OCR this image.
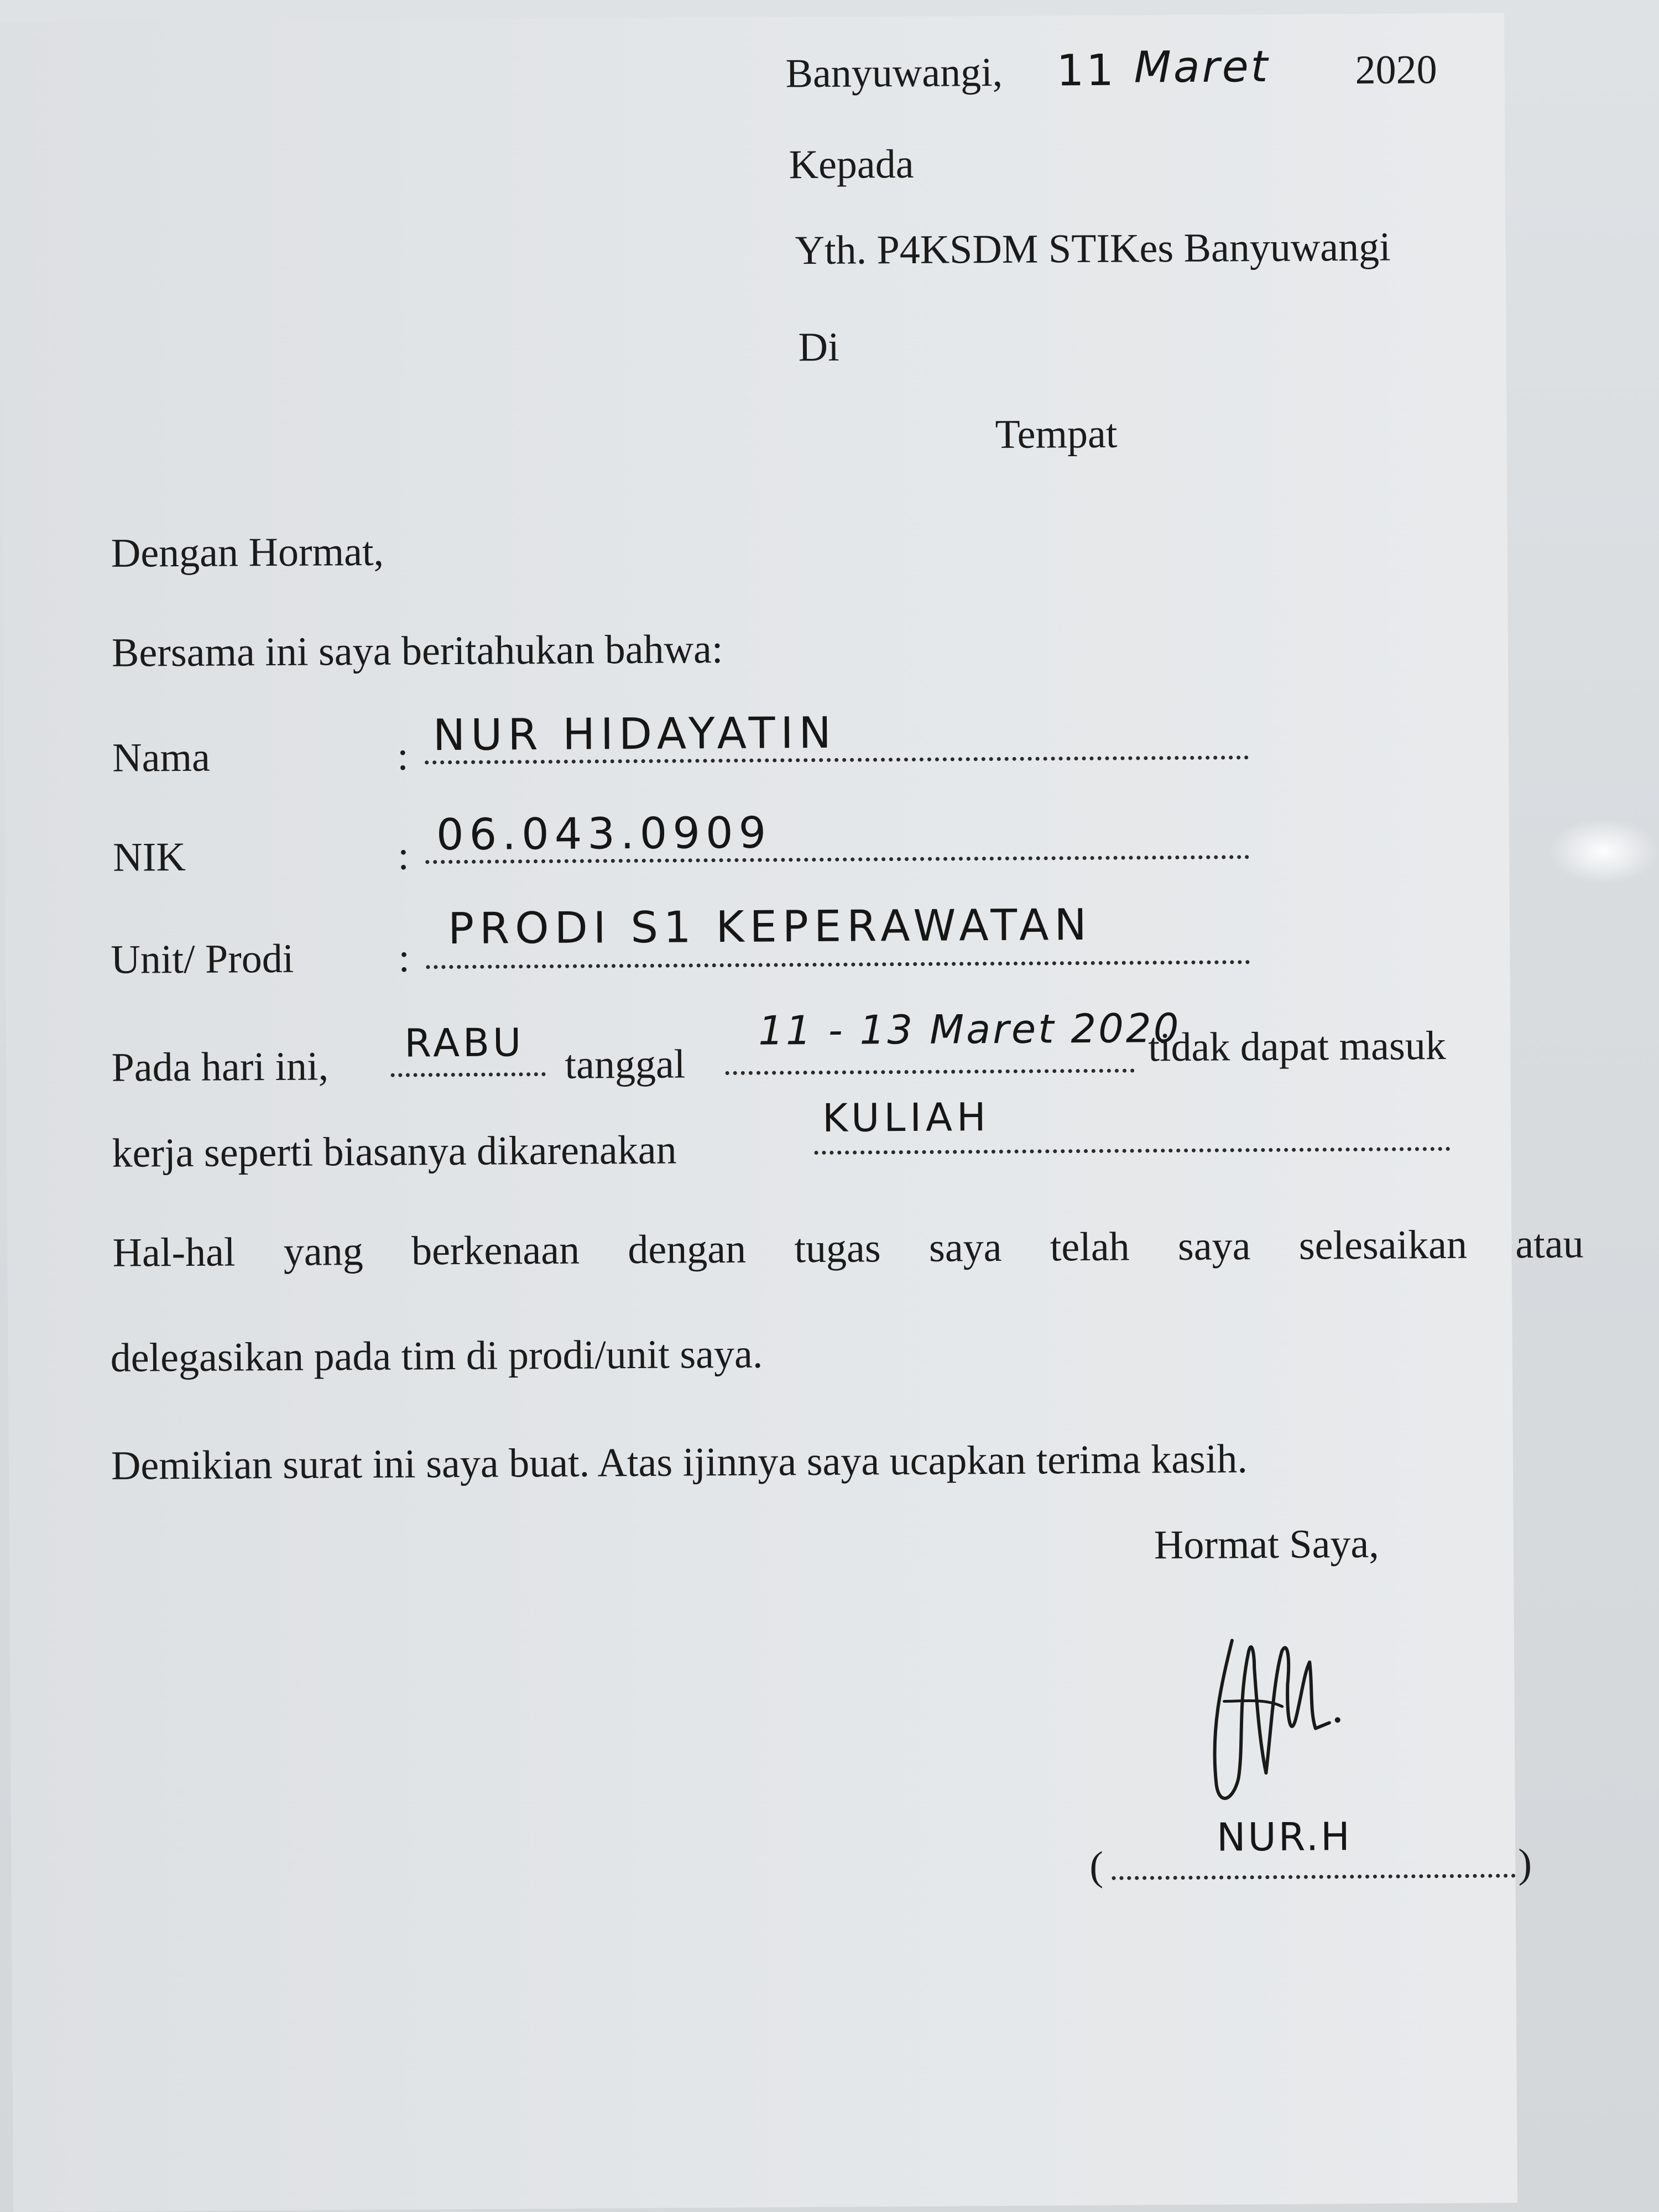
Banyuwangi, 11 Maret 2020
Kepada
Yth. P4KSDM STIKes Banyuwangi
Di
Tempat
Dengan Hormat,
Bersama ini saya beritahukan bahwa:
Nama	: NUR HIDAYATIN
NIK	: 06.043.0909
Unit/ Prodi	:
PRODI S1 KEPERAWATAN
Pada hari ini,
RABU tanggal
11 - 13 Maret 2020
tidak dapat masuk
kerja seperti biasanya dikarenakan
KULIAH
Hal-hal yang berkenaan dengan tugas saya telah saya selesaikan atau
delegasikan pada tim di prodi/unit saya.
Demikian surat ini saya buat. Atas ijinnya saya ucapkan terima kasih.
Hormat Saya,
(
NUR.H
)
